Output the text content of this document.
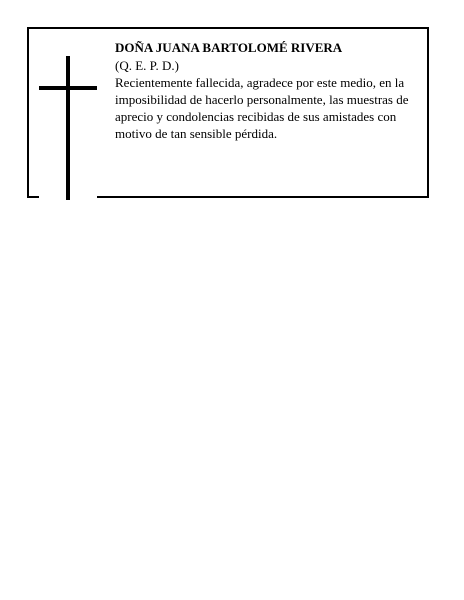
DOÑA JUANA BARTOLOMÉ RIVERA

(Q. E. P. D.)

Recientemente fallecida, agradece por este medio, en la imposibilidad de hacerlo personalmente, las muestras de aprecio y condolencias recibidas de sus amistades con motivo de tan sensible pérdida.
